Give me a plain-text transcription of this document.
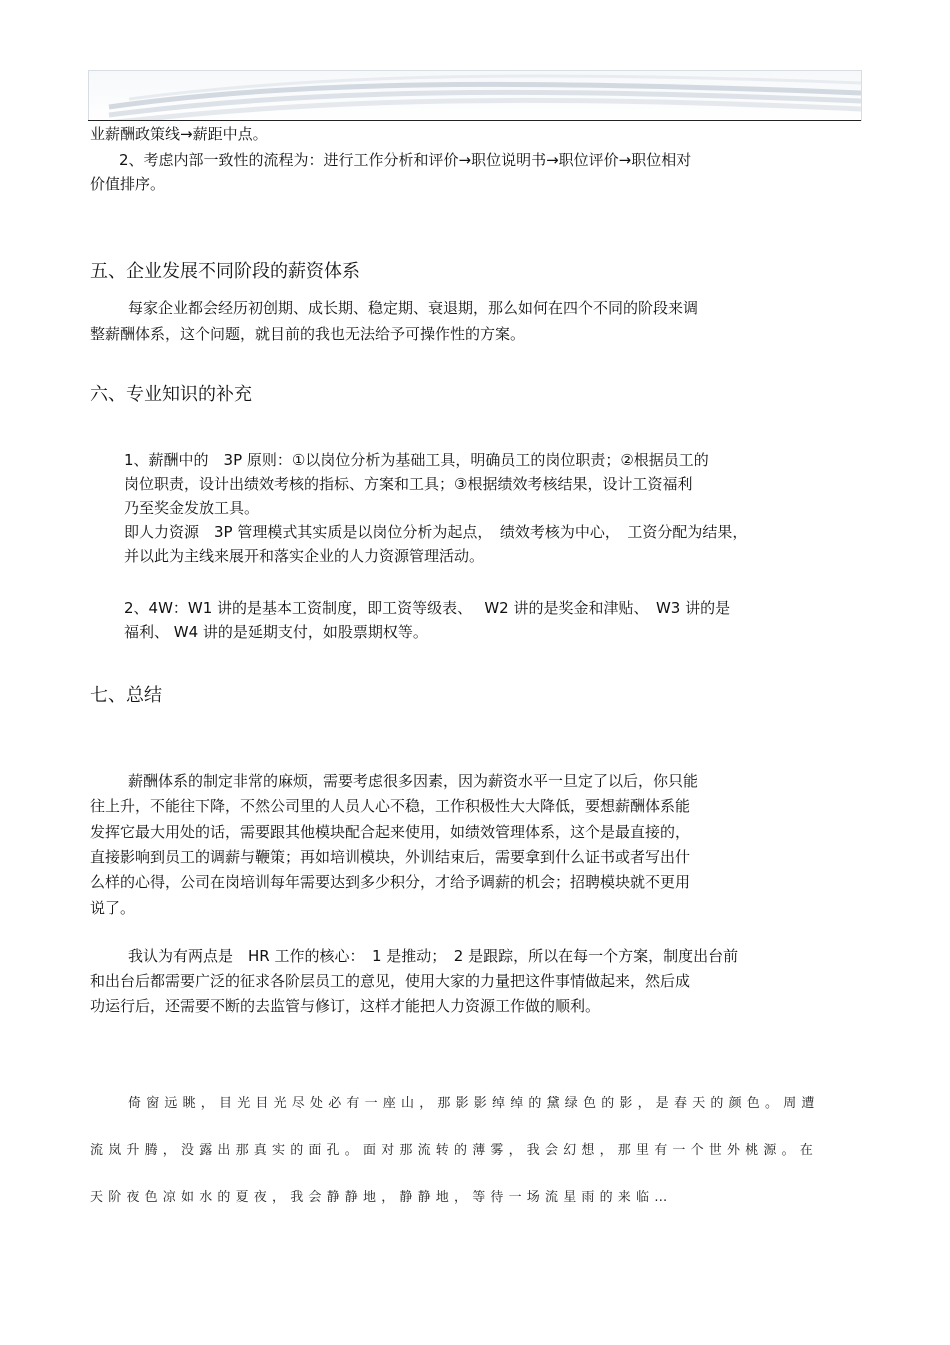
业薪酬政策线→薪距中点。
2、考虑内部一致性的流程为：进行工作分析和评价→职位说明书→职位评价→职位相对
价值排序。
五、企业发展不同阶段的薪资体系
每家企业都会经历初创期、成长期、稳定期、衰退期，那么如何在四个不同的阶段来调
整薪酬体系，这个问题，就目前的我也无法给予可操作性的方案。
六、专业知识的补充
1、薪酬中的　3P 原则：①以岗位分析为基础工具，明确员工的岗位职责；②根据员工的
岗位职责，设计出绩效考核的指标、方案和工具；③根据绩效考核结果，设计工资福利
乃至奖金发放工具。
即人力资源　3P 管理模式其实质是以岗位分析为起点，　绩效考核为中心，　工资分配为结果，
并以此为主线来展开和落实企业的人力资源管理活动。
2、4W：W1 讲的是基本工资制度，即工资等级表、　 W2 讲的是奖金和津贴、　W3 讲的是
福利、 W4 讲的是延期支付，如股票期权等。
七、总结
薪酬体系的制定非常的麻烦，需要考虑很多因素，因为薪资水平一旦定了以后，你只能
往上升，不能往下降，不然公司里的人员人心不稳，工作积极性大大降低，要想薪酬体系能
发挥它最大用处的话，需要跟其他模块配合起来使用，如绩效管理体系，这个是最直接的，
直接影响到员工的调薪与鞭策；再如培训模块，外训结束后，需要拿到什么证书或者写出什
么样的心得，公司在岗培训每年需要达到多少积分，才给予调薪的机会；招聘模块就不更用
说了。
我认为有两点是　HR 工作的核心：　1 是推动；　2 是跟踪，所以在每一个方案，制度出台前
和出台后都需要广泛的征求各阶层员工的意见，使用大家的力量把这件事情做起来，然后成
功运行后，还需要不断的去监管与修订，这样才能把人力资源工作做的顺利。
倚窗远眺，目光目光尽处必有一座山，那影影绰绰的黛绿色的影，是春天的颜色。周遭
流岚升腾，没露出那真实的面孔。面对那流转的薄雾，我会幻想，那里有一个世外桃源。在
天阶夜色凉如水的夏夜，我会静静地，静静地，等待一场流星雨的来临…
